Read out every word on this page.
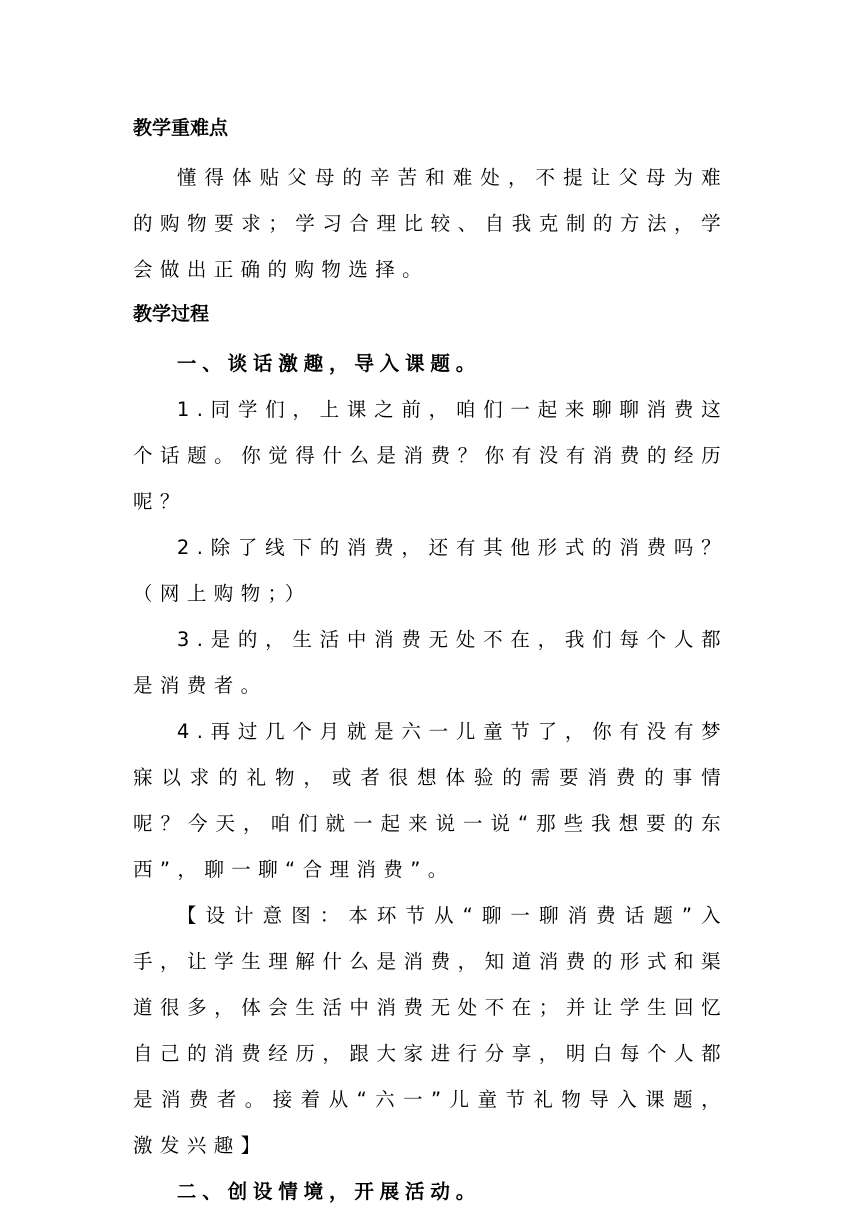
教学重难点

懂得体贴父母的辛苦和难处，不提让父母为难的购物要求；学习合理比较、自我克制的方法，学会做出正确的购物选择。

教学过程

一、谈话激趣，导入课题。

1.同学们，上课之前，咱们一起来聊聊消费这个话题。你觉得什么是消费？你有没有消费的经历呢？

2.除了线下的消费，还有其他形式的消费吗？（网上购物；）

3.是的，生活中消费无处不在，我们每个人都是消费者。

4.再过几个月就是六一儿童节了，你有没有梦寐以求的礼物，或者很想体验的需要消费的事情呢？今天，咱们就一起来说一说“那些我想要的东西”，聊一聊“合理消费”。

【设计意图：本环节从“聊一聊消费话题”入手，让学生理解什么是消费，知道消费的形式和渠道很多，体会生活中消费无处不在；并让学生回忆自己的消费经历，跟大家进行分享，明白每个人都是消费者。接着从“六一”儿童节礼物导入课题，激发兴趣】

二、创设情境，开展活动。
